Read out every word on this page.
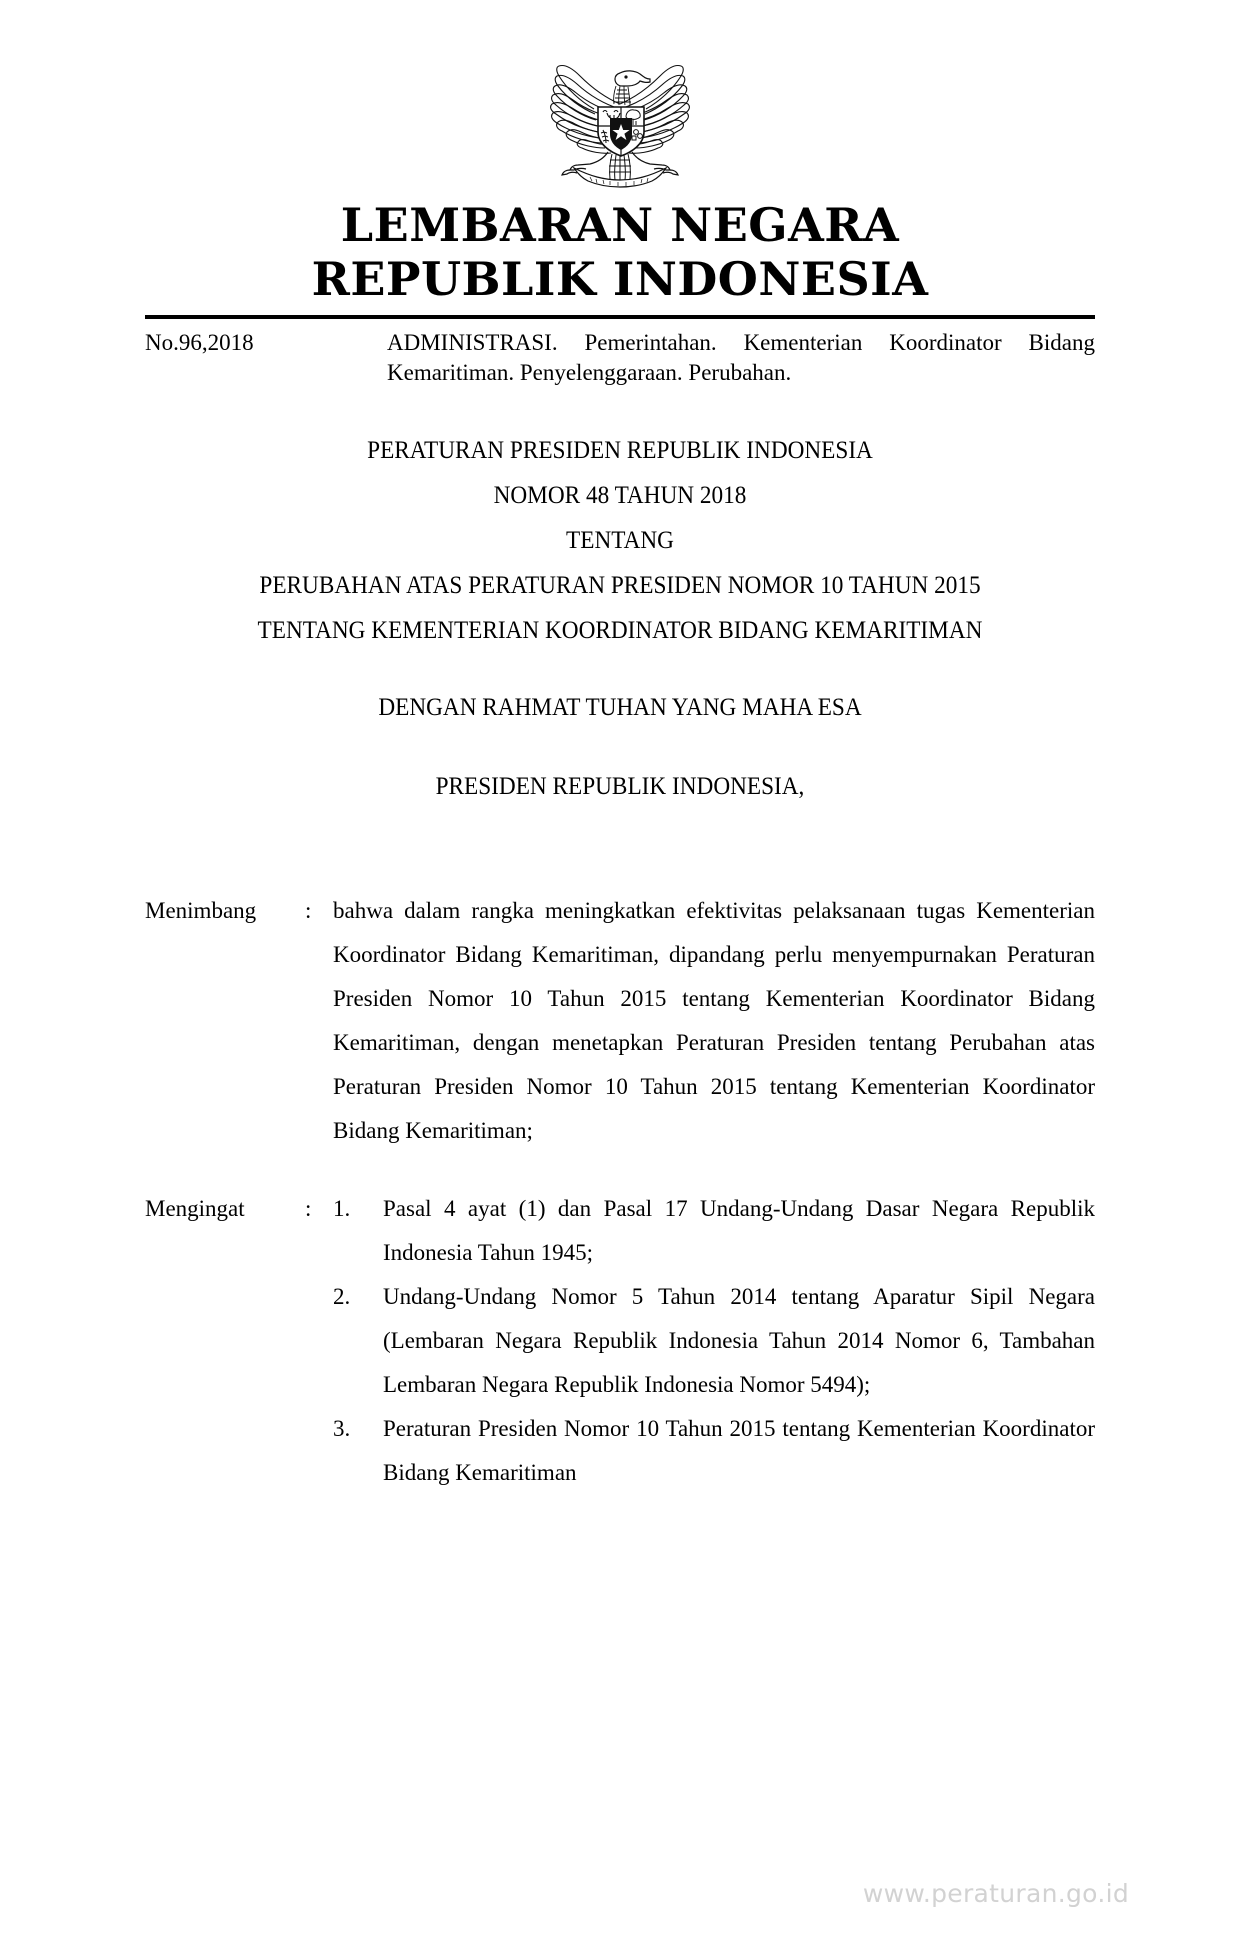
LEMBARAN NEGARA
REPUBLIK INDONESIA
No.96,2018	ADMINISTRASI. Pemerintahan. Kementerian Koordinator Bidang Kemaritiman. Penyelenggaraan. Perubahan.
PERATURAN PRESIDEN REPUBLIK INDONESIA
NOMOR 48 TAHUN 2018
TENTANG
PERUBAHAN ATAS PERATURAN PRESIDEN NOMOR 10 TAHUN 2015
TENTANG KEMENTERIAN KOORDINATOR BIDANG KEMARITIMAN
DENGAN RAHMAT TUHAN YANG MAHA ESA
PRESIDEN REPUBLIK INDONESIA,
Menimbang	: bahwa dalam rangka meningkatkan efektivitas pelaksanaan tugas Kementerian Koordinator Bidang Kemaritiman, dipandang perlu menyempurnakan Peraturan Presiden Nomor 10 Tahun 2015 tentang Kementerian Koordinator Bidang Kemaritiman, dengan menetapkan Peraturan Presiden tentang Perubahan atas Peraturan Presiden Nomor 10 Tahun 2015 tentang Kementerian Koordinator Bidang Kemaritiman;
Mengingat	: 1.	Pasal 4 ayat (1) dan Pasal 17 Undang-Undang Dasar Negara Republik Indonesia Tahun 1945;
2.	Undang-Undang Nomor 5 Tahun 2014 tentang Aparatur Sipil Negara (Lembaran Negara Republik Indonesia Tahun 2014 Nomor 6, Tambahan Lembaran Negara Republik Indonesia Nomor 5494);
3.	Peraturan Presiden Nomor 10 Tahun 2015 tentang Kementerian Koordinator Bidang Kemaritiman
www.peraturan.go.id
